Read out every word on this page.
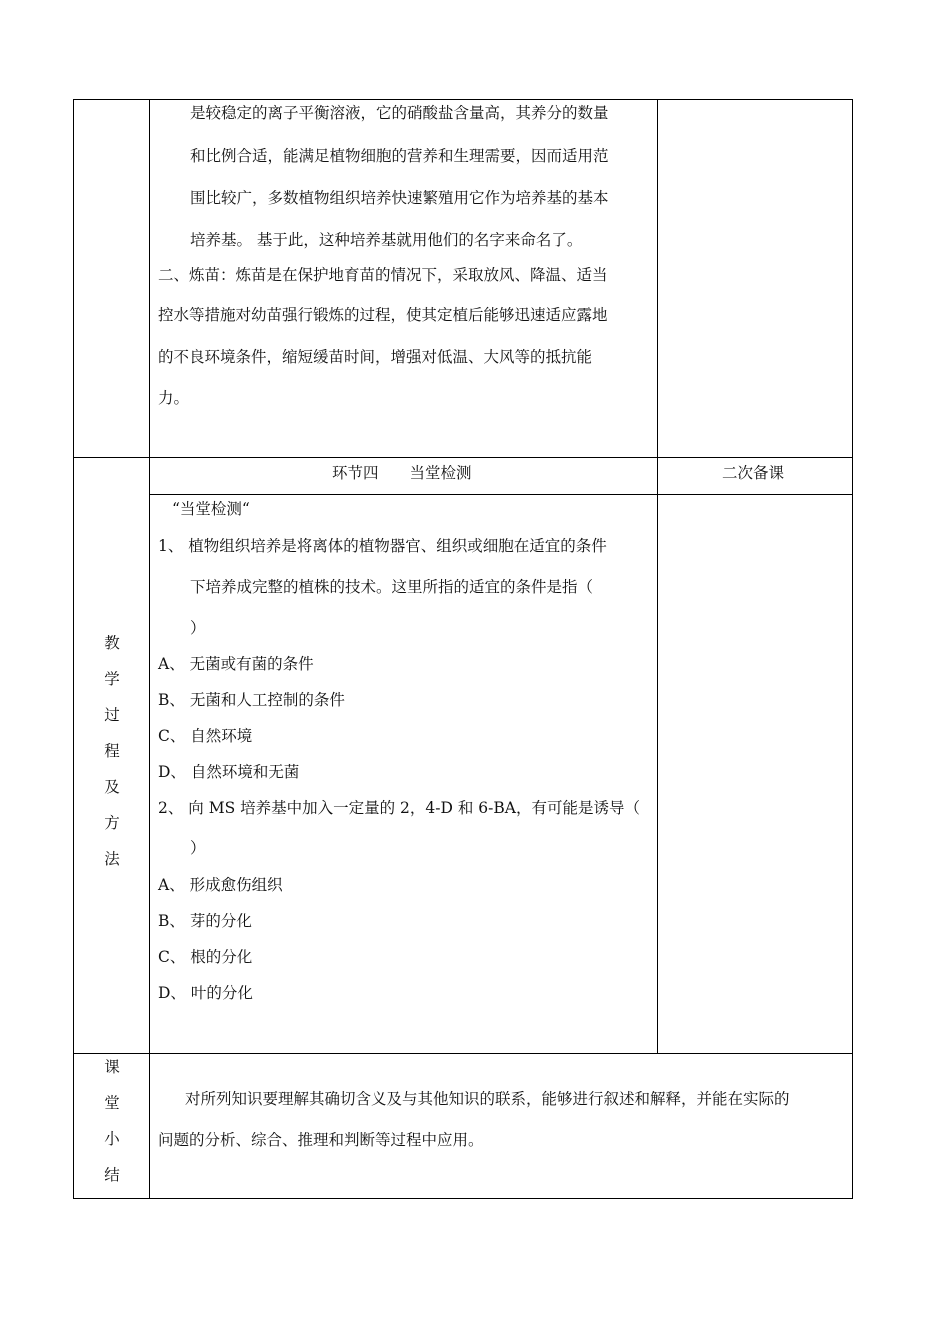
是较稳定的离子平衡溶液，它的硝酸盐含量高，其养分的数量
和比例合适，能满足植物细胞的营养和生理需要，因而适用范
围比较广，多数植物组织培养快速繁殖用它作为培养基的基本
培养基。 基于此，这种培养基就用他们的名字来命名了。
二、炼苗：炼苗是在保护地育苗的情况下，采取放风、降温、适当
控水等措施对幼苗强行锻炼的过程，使其定植后能够迅速适应露地
的不良环境条件，缩短缓苗时间，增强对低温、大风等的抵抗能
力。
环节四　　当堂检测	二次备课
教
学
过
程
及
方
法
“当堂检测“
1、 植物组织培养是将离体的植物器官、组织或细胞在适宜的条件
下培养成完整的植株的技术。这里所指的适宜的条件是指（
）
A、 无菌或有菌的条件
B、 无菌和人工控制的条件
C、 自然环境
D、 自然环境和无菌
2、 向 MS 培养基中加入一定量的 2，4-D 和 6-BA，有可能是诱导（
）
A、 形成愈伤组织
B、 芽的分化
C、 根的分化
D、 叶的分化
课
堂
小
结
对所列知识要理解其确切含义及与其他知识的联系，能够进行叙述和解释，并能在实际的
问题的分析、综合、推理和判断等过程中应用。
